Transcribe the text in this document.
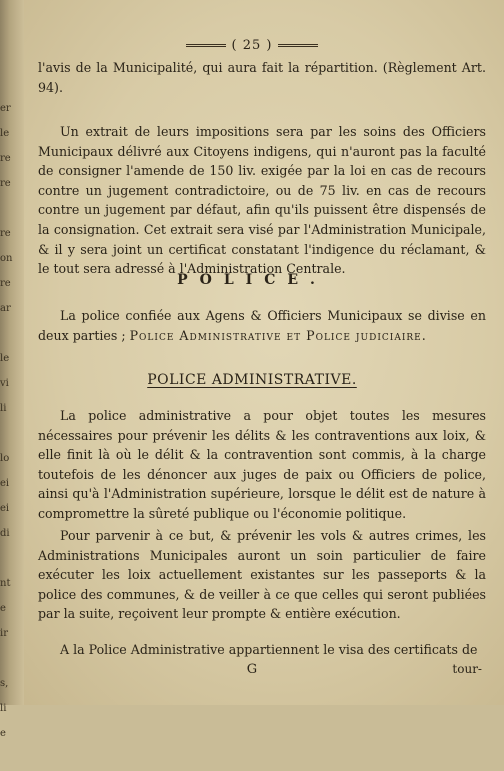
er
le
re
re
re
on
re
ar
le
vi
li
lo
ei
ei
di
nt
e
ir
s,
li
e
( 25 )

l'avis de la Municipalité, qui aura fait la répartition. (Règlement Art. 94).

Un extrait de leurs impositions sera par les soins des Officiers Municipaux délivré aux Citoyens indigens, qui n'auront pas la faculté de consigner l'amende de 150 liv. exigée par la loi en cas de recours contre un jugement contradictoire, ou de 75 liv. en cas de recours contre un jugement par défaut, afin qu'ils puissent être dispensés de la consignation. Cet extrait sera visé par l'Administration Municipale, & il y sera joint un certificat constatant l'indigence du réclamant, & le tout sera adressé à l'Administration Centrale.

POLICE.

La police confiée aux Agens & Officiers Municipaux se divise en deux parties ; Police Administrative et Police judiciaire.

POLICE ADMINISTRATIVE.

La police administrative a pour objet toutes les mesures nécessaires pour prévenir les délits & les contraventions aux loix, & elle finit là où le délit & la contravention sont commis, à la charge toutefois de les dénoncer aux juges de paix ou Officiers de police, ainsi qu'à l'Administration supérieure, lorsque le délit est de nature à compromettre la sûreté publique ou l'économie politique.

Pour parvenir à ce but, & prévenir les vols & autres crimes, les Administrations Municipales auront un soin particulier de faire exécuter les loix actuellement existantes sur les passeports & la police des communes, & de veiller à ce que celles qui seront publiées par la suite, reçoivent leur prompte & entière exécution.

A la Police Administrative appartiennent le visa des certificats de

G	tour-
